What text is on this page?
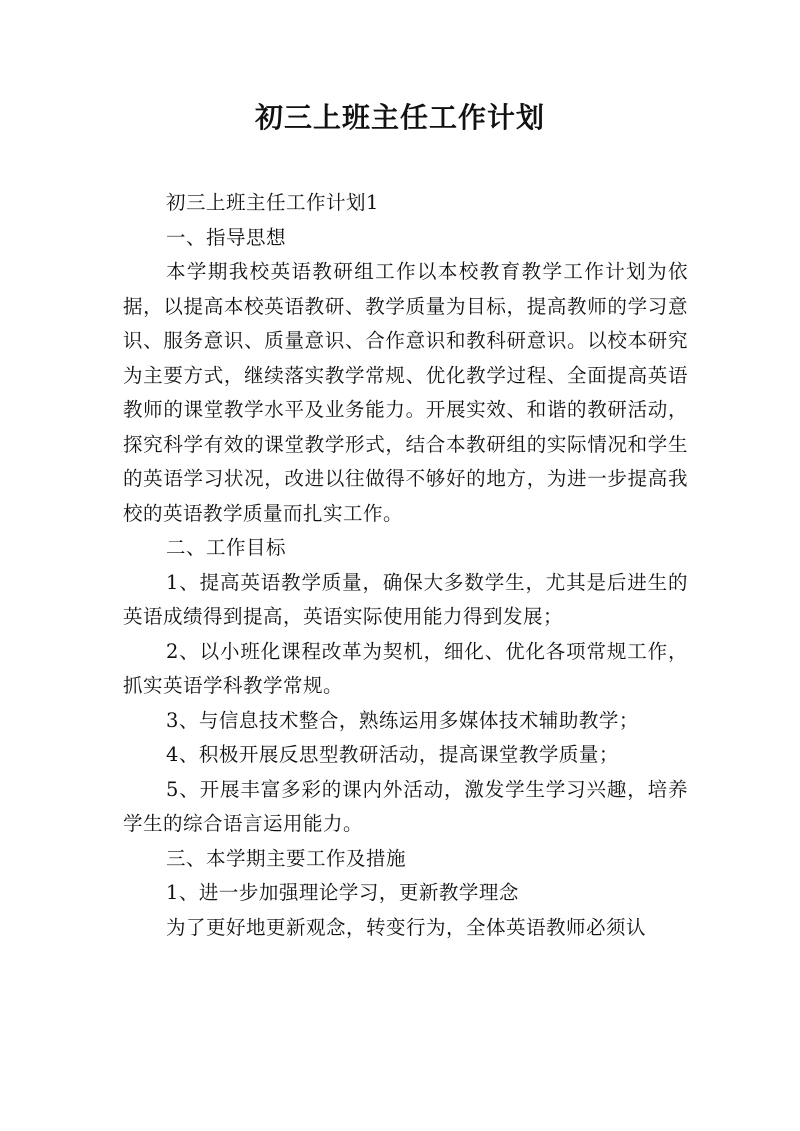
初三上班主任工作计划

初三上班主任工作计划1

一、指导思想

本学期我校英语教研组工作以本校教育教学工作计划为依据，以提高本校英语教研、教学质量为目标，提高教师的学习意识、服务意识、质量意识、合作意识和教科研意识。以校本研究为主要方式，继续落实教学常规、优化教学过程、全面提高英语教师的课堂教学水平及业务能力。开展实效、和谐的教研活动，探究科学有效的课堂教学形式，结合本教研组的实际情况和学生的英语学习状况，改进以往做得不够好的地方，为进一步提高我校的英语教学质量而扎实工作。

二、工作目标

1、提高英语教学质量，确保大多数学生，尤其是后进生的英语成绩得到提高，英语实际使用能力得到发展；

2、以小班化课程改革为契机，细化、优化各项常规工作，抓实英语学科教学常规。

3、与信息技术整合，熟练运用多媒体技术辅助教学；

4、积极开展反思型教研活动，提高课堂教学质量；

5、开展丰富多彩的课内外活动，激发学生学习兴趣，培养学生的综合语言运用能力。

三、本学期主要工作及措施

1、进一步加强理论学习，更新教学理念

为了更好地更新观念，转变行为，全体英语教师必须认
